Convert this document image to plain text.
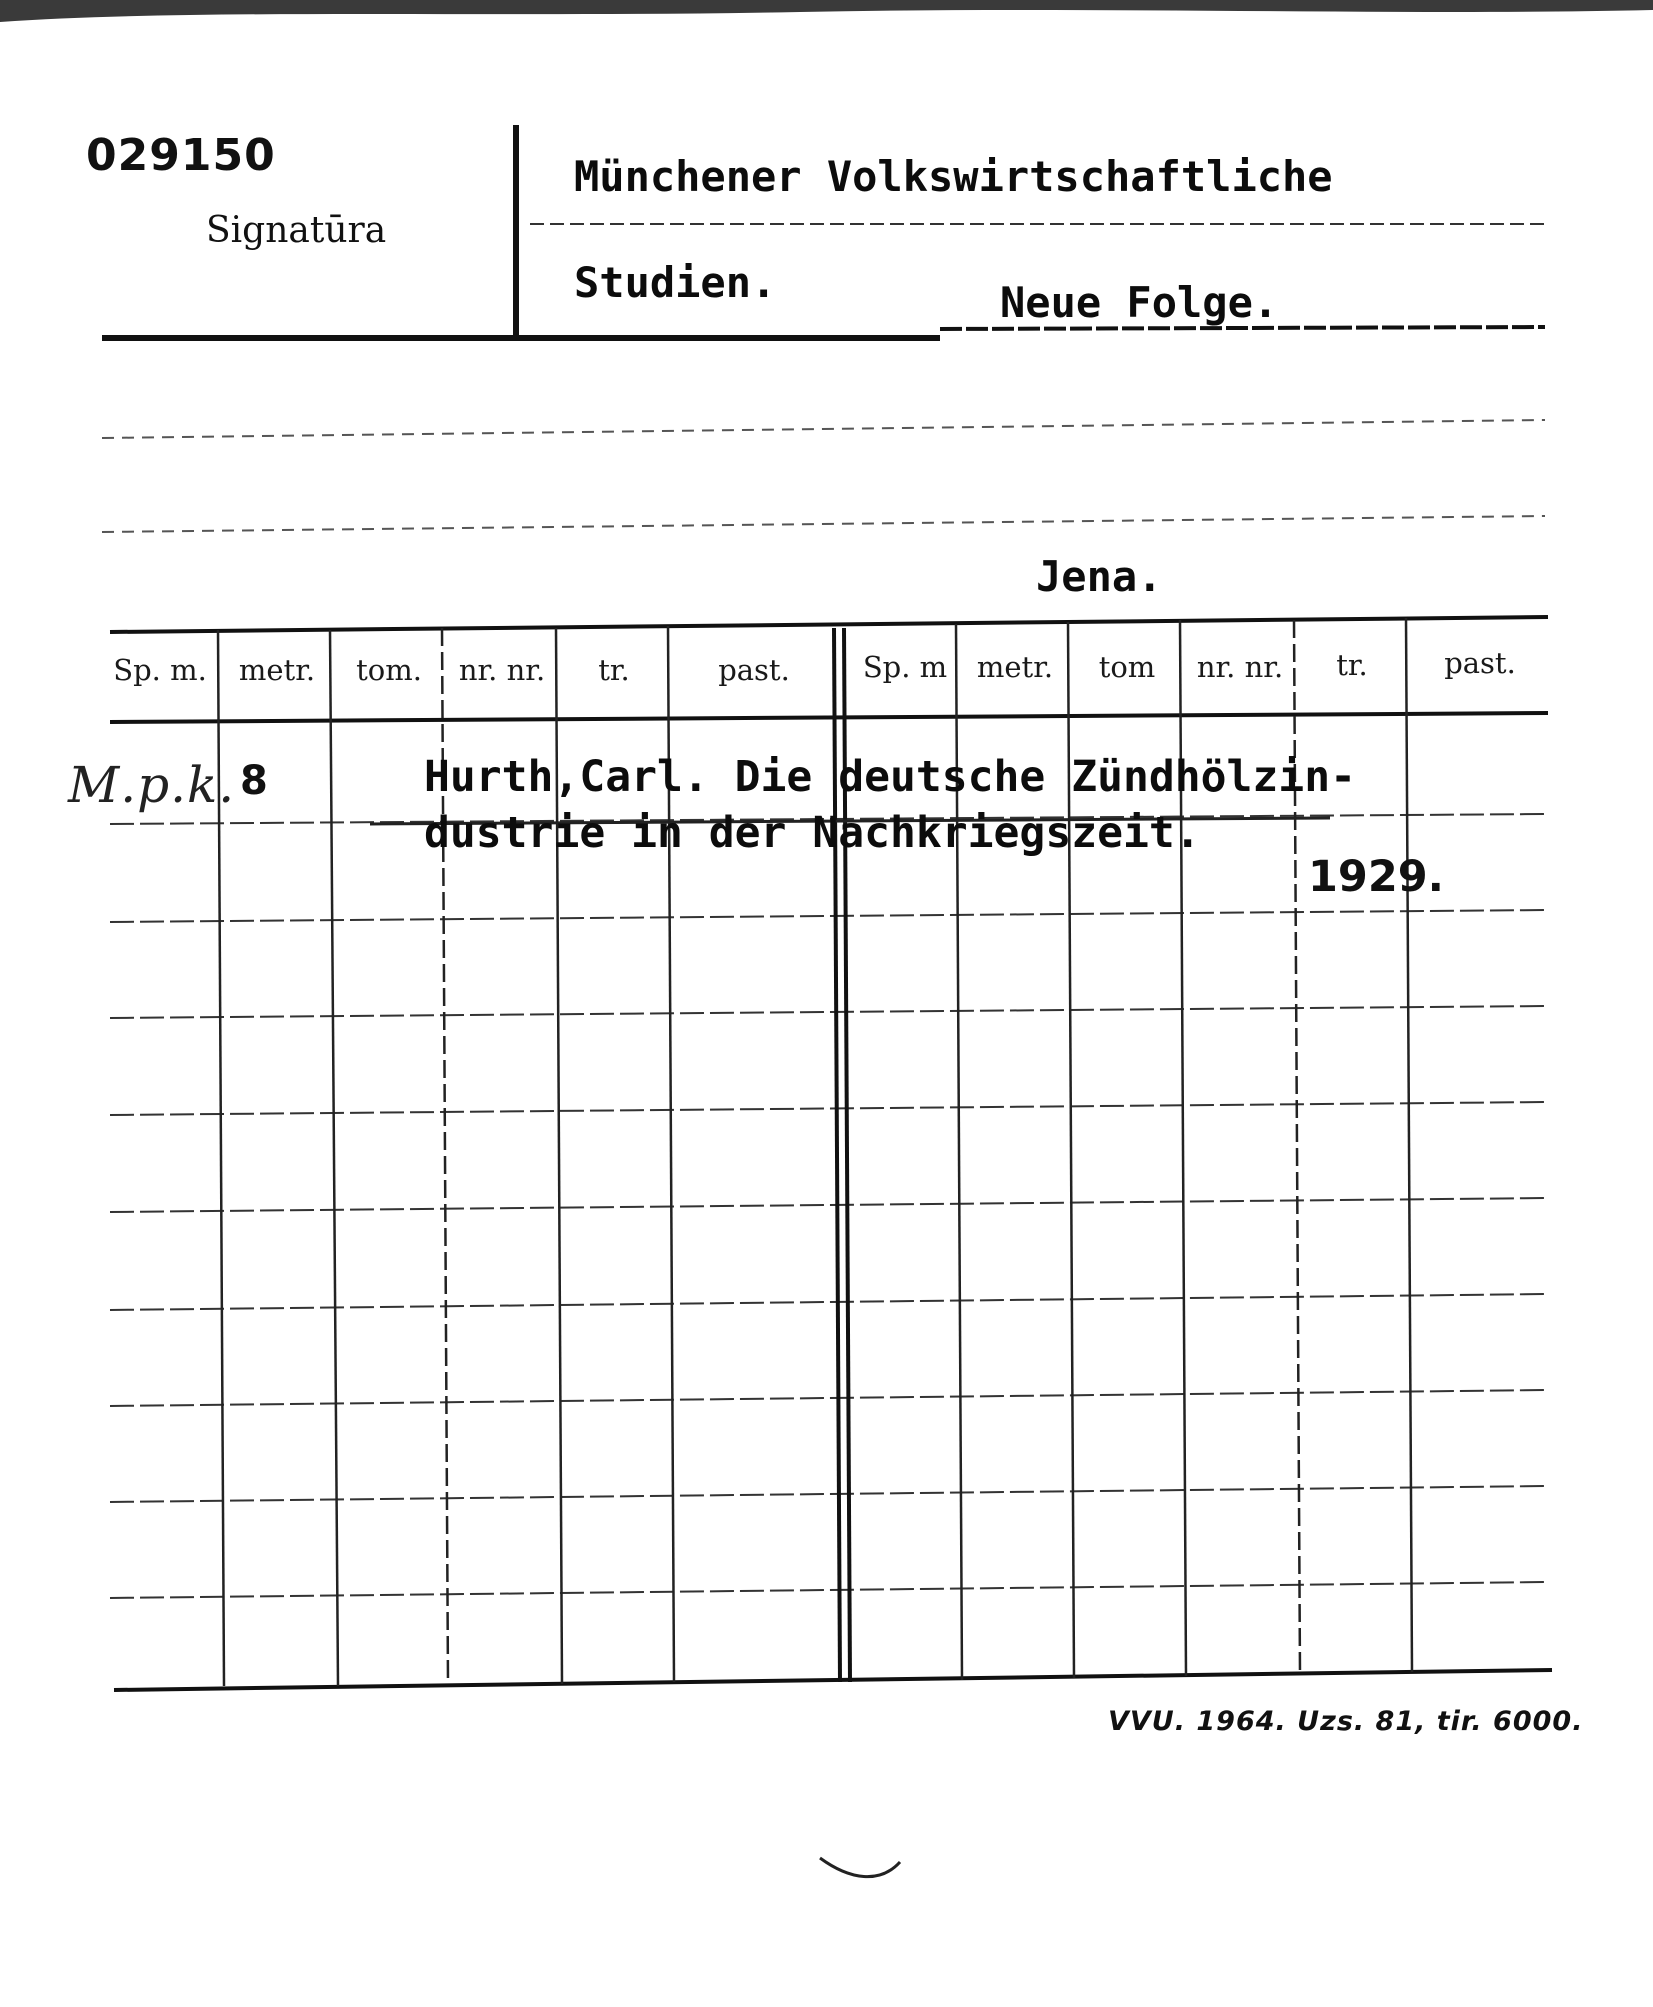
029150
Signatūra
Münchener Volkswirtschaftliche
Studien.	Neue Folge.
Jena.
Sp. m.	metr.	tom.	nr. nr.	tr.	past.	Sp. m	metr.	tom	nr. nr.	tr.	past.
M.p.k. 8	Hurth,Carl. Die deutsche Zündhölzin-
dustrie in der Nachkriegszeit.
1929.
VVU. 1964. Uzs. 81, tir. 6000.
